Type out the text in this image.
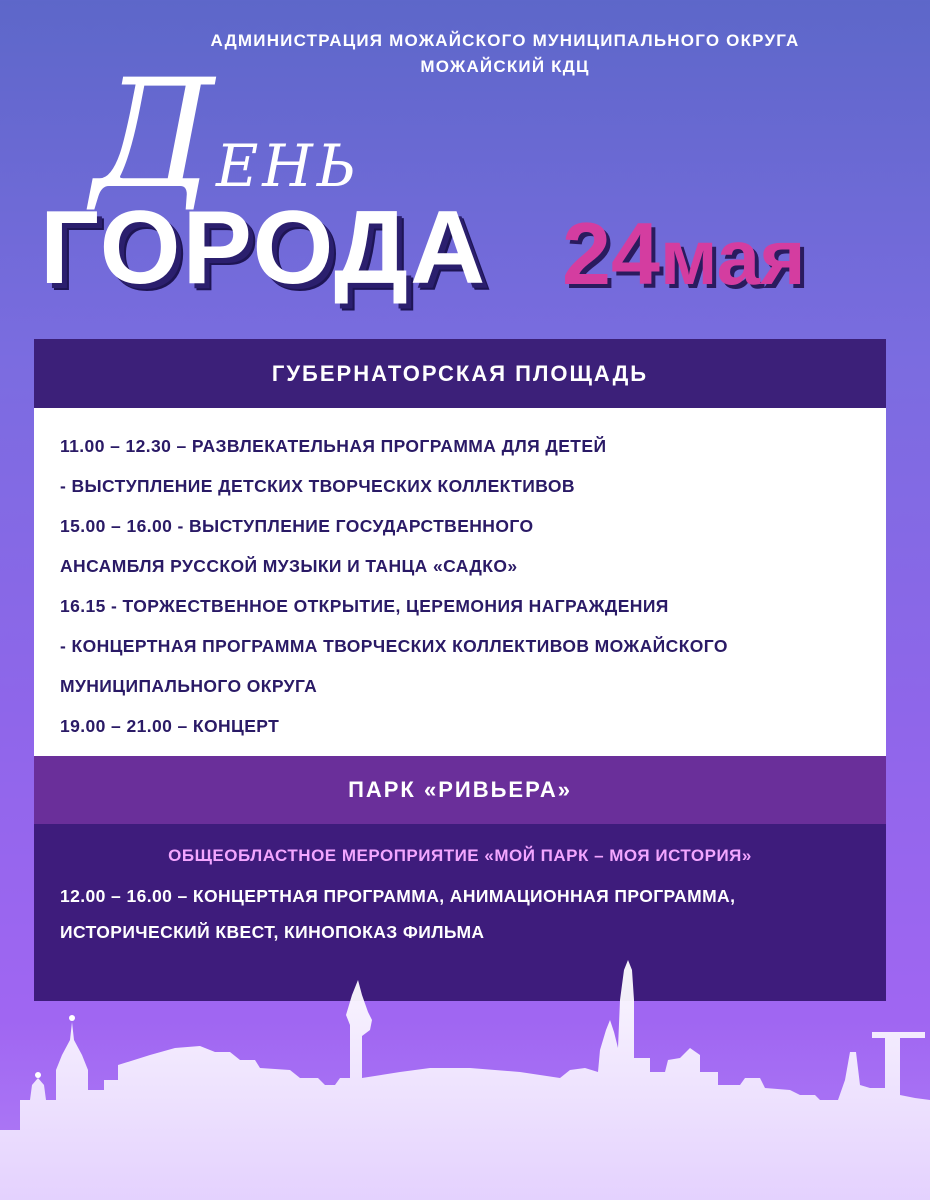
АДМИНИСТРАЦИЯ МОЖАЙСКОГО МУНИЦИПАЛЬНОГО ОКРУГА
МОЖАЙСКИЙ КДЦ
ДЕНЬ
ГОРОДА 24мая
ГУБЕРНАТОРСКАЯ ПЛОЩАДЬ
11.00 – 12.30 – РАЗВЛЕКАТЕЛЬНАЯ ПРОГРАММА ДЛЯ ДЕТЕЙ
- ВЫСТУПЛЕНИЕ ДЕТСКИХ ТВОРЧЕСКИХ КОЛЛЕКТИВОВ
15.00 – 16.00 - ВЫСТУПЛЕНИЕ ГОСУДАРСТВЕННОГО
АНСАМБЛЯ РУССКОЙ МУЗЫКИ И ТАНЦА «САДКО»
16.15 - ТОРЖЕСТВЕННОЕ ОТКРЫТИЕ, ЦЕРЕМОНИЯ НАГРАЖДЕНИЯ
- КОНЦЕРТНАЯ ПРОГРАММА ТВОРЧЕСКИХ КОЛЛЕКТИВОВ МОЖАЙСКОГО
МУНИЦИПАЛЬНОГО ОКРУГА
19.00 – 21.00 – КОНЦЕРТ
ПАРК «РИВЬЕРА»
ОБЩЕОБЛАСТНОЕ МЕРОПРИЯТИЕ «МОЙ ПАРК – МОЯ ИСТОРИЯ»
12.00 – 16.00 – КОНЦЕРТНАЯ ПРОГРАММА, АНИМАЦИОННАЯ ПРОГРАММА,
ИСТОРИЧЕСКИЙ КВЕСТ, КИНОПОКАЗ ФИЛЬМА
